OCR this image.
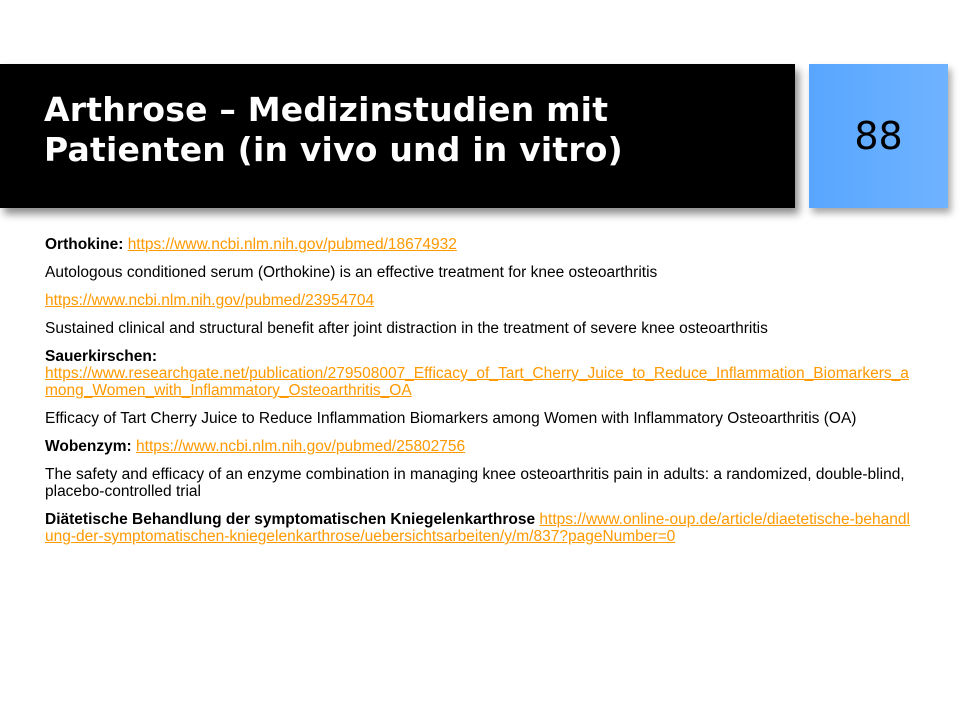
Arthrose – Medizinstudien mit
Patienten (in vivo und in vitro)	88

Orthokine: https://www.ncbi.nlm.nih.gov/pubmed/18674932

Autologous conditioned serum (Orthokine) is an effective treatment for knee osteoarthritis

https://www.ncbi.nlm.nih.gov/pubmed/23954704

Sustained clinical and structural benefit after joint distraction in the treatment of severe knee osteoarthritis

Sauerkirschen:
https://www.researchgate.net/publication/279508007_Efficacy_of_Tart_Cherry_Juice_to_Reduce_Inflammation_Biomarkers_among_Women_with_Inflammatory_Osteoarthritis_OA

Efficacy of Tart Cherry Juice to Reduce Inflammation Biomarkers among Women with Inflammatory Osteoarthritis (OA)

Wobenzym: https://www.ncbi.nlm.nih.gov/pubmed/25802756

The safety and efficacy of an enzyme combination in managing knee osteoarthritis pain in adults: a randomized, double-blind, placebo-controlled trial

Diätetische Behandlung der symptomatischen Kniegelenkarthrose https://www.online-oup.de/article/diaetetische-behandlung-der-symptomatischen-kniegelenkarthrose/uebersichtsarbeiten/y/m/837?pageNumber=0
